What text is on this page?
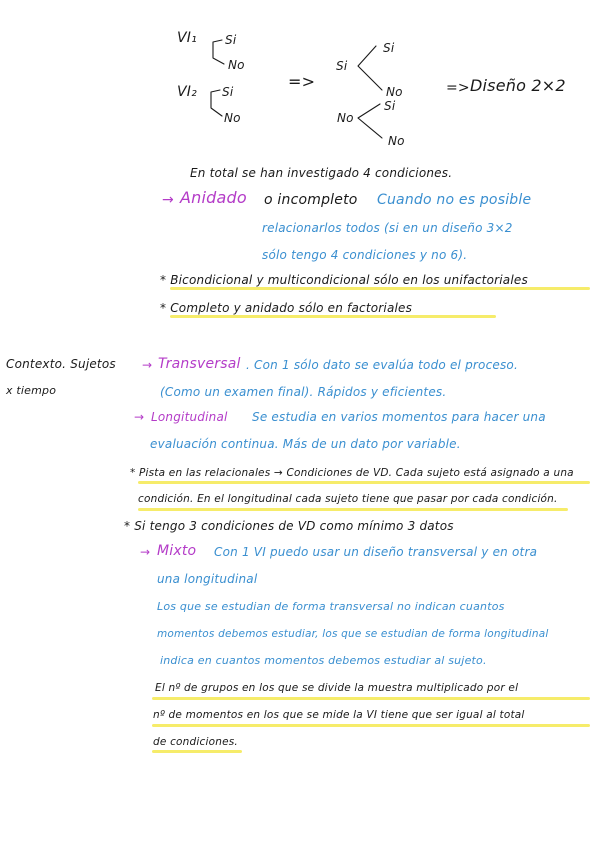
VI₁ Si
No
VI₂ Si
No
=>
Si
Si
No
No
Si
No
=> Diseño 2×2
En total se han investigado 4 condiciones.
→ Anidado o incompleto Cuando no es posible
relacionarlos todos (si en un diseño 3×2
sólo tengo 4 condiciones y no 6).
* Bicondicional y multicondicional sólo en los unifactoriales
* Completo y anidado sólo en factoriales
Contexto. Sujetos
x tiempo
→ Transversal . Con 1 sólo dato se evalúa todo el proceso.
(Como un examen final). Rápidos y eficientes.
→ Longitudinal Se estudia en varios momentos para hacer una
evaluación continua. Más de un dato por variable.
* Pista en las relacionales → Condiciones de VD. Cada sujeto está asignado a una
condición. En el longitudinal cada sujeto tiene que pasar por cada condición.
* Si tengo 3 condiciones de VD como mínimo 3 datos
→ Mixto Con 1 VI puedo usar un diseño transversal y en otra
una longitudinal
Los que se estudian de forma transversal no indican cuantos
momentos debemos estudiar, los que se estudian de forma longitudinal
indica en cuantos momentos debemos estudiar al sujeto.
El nº de grupos en los que se divide la muestra multiplicado por el
nº de momentos en los que se mide la VI tiene que ser igual al total
de condiciones.
